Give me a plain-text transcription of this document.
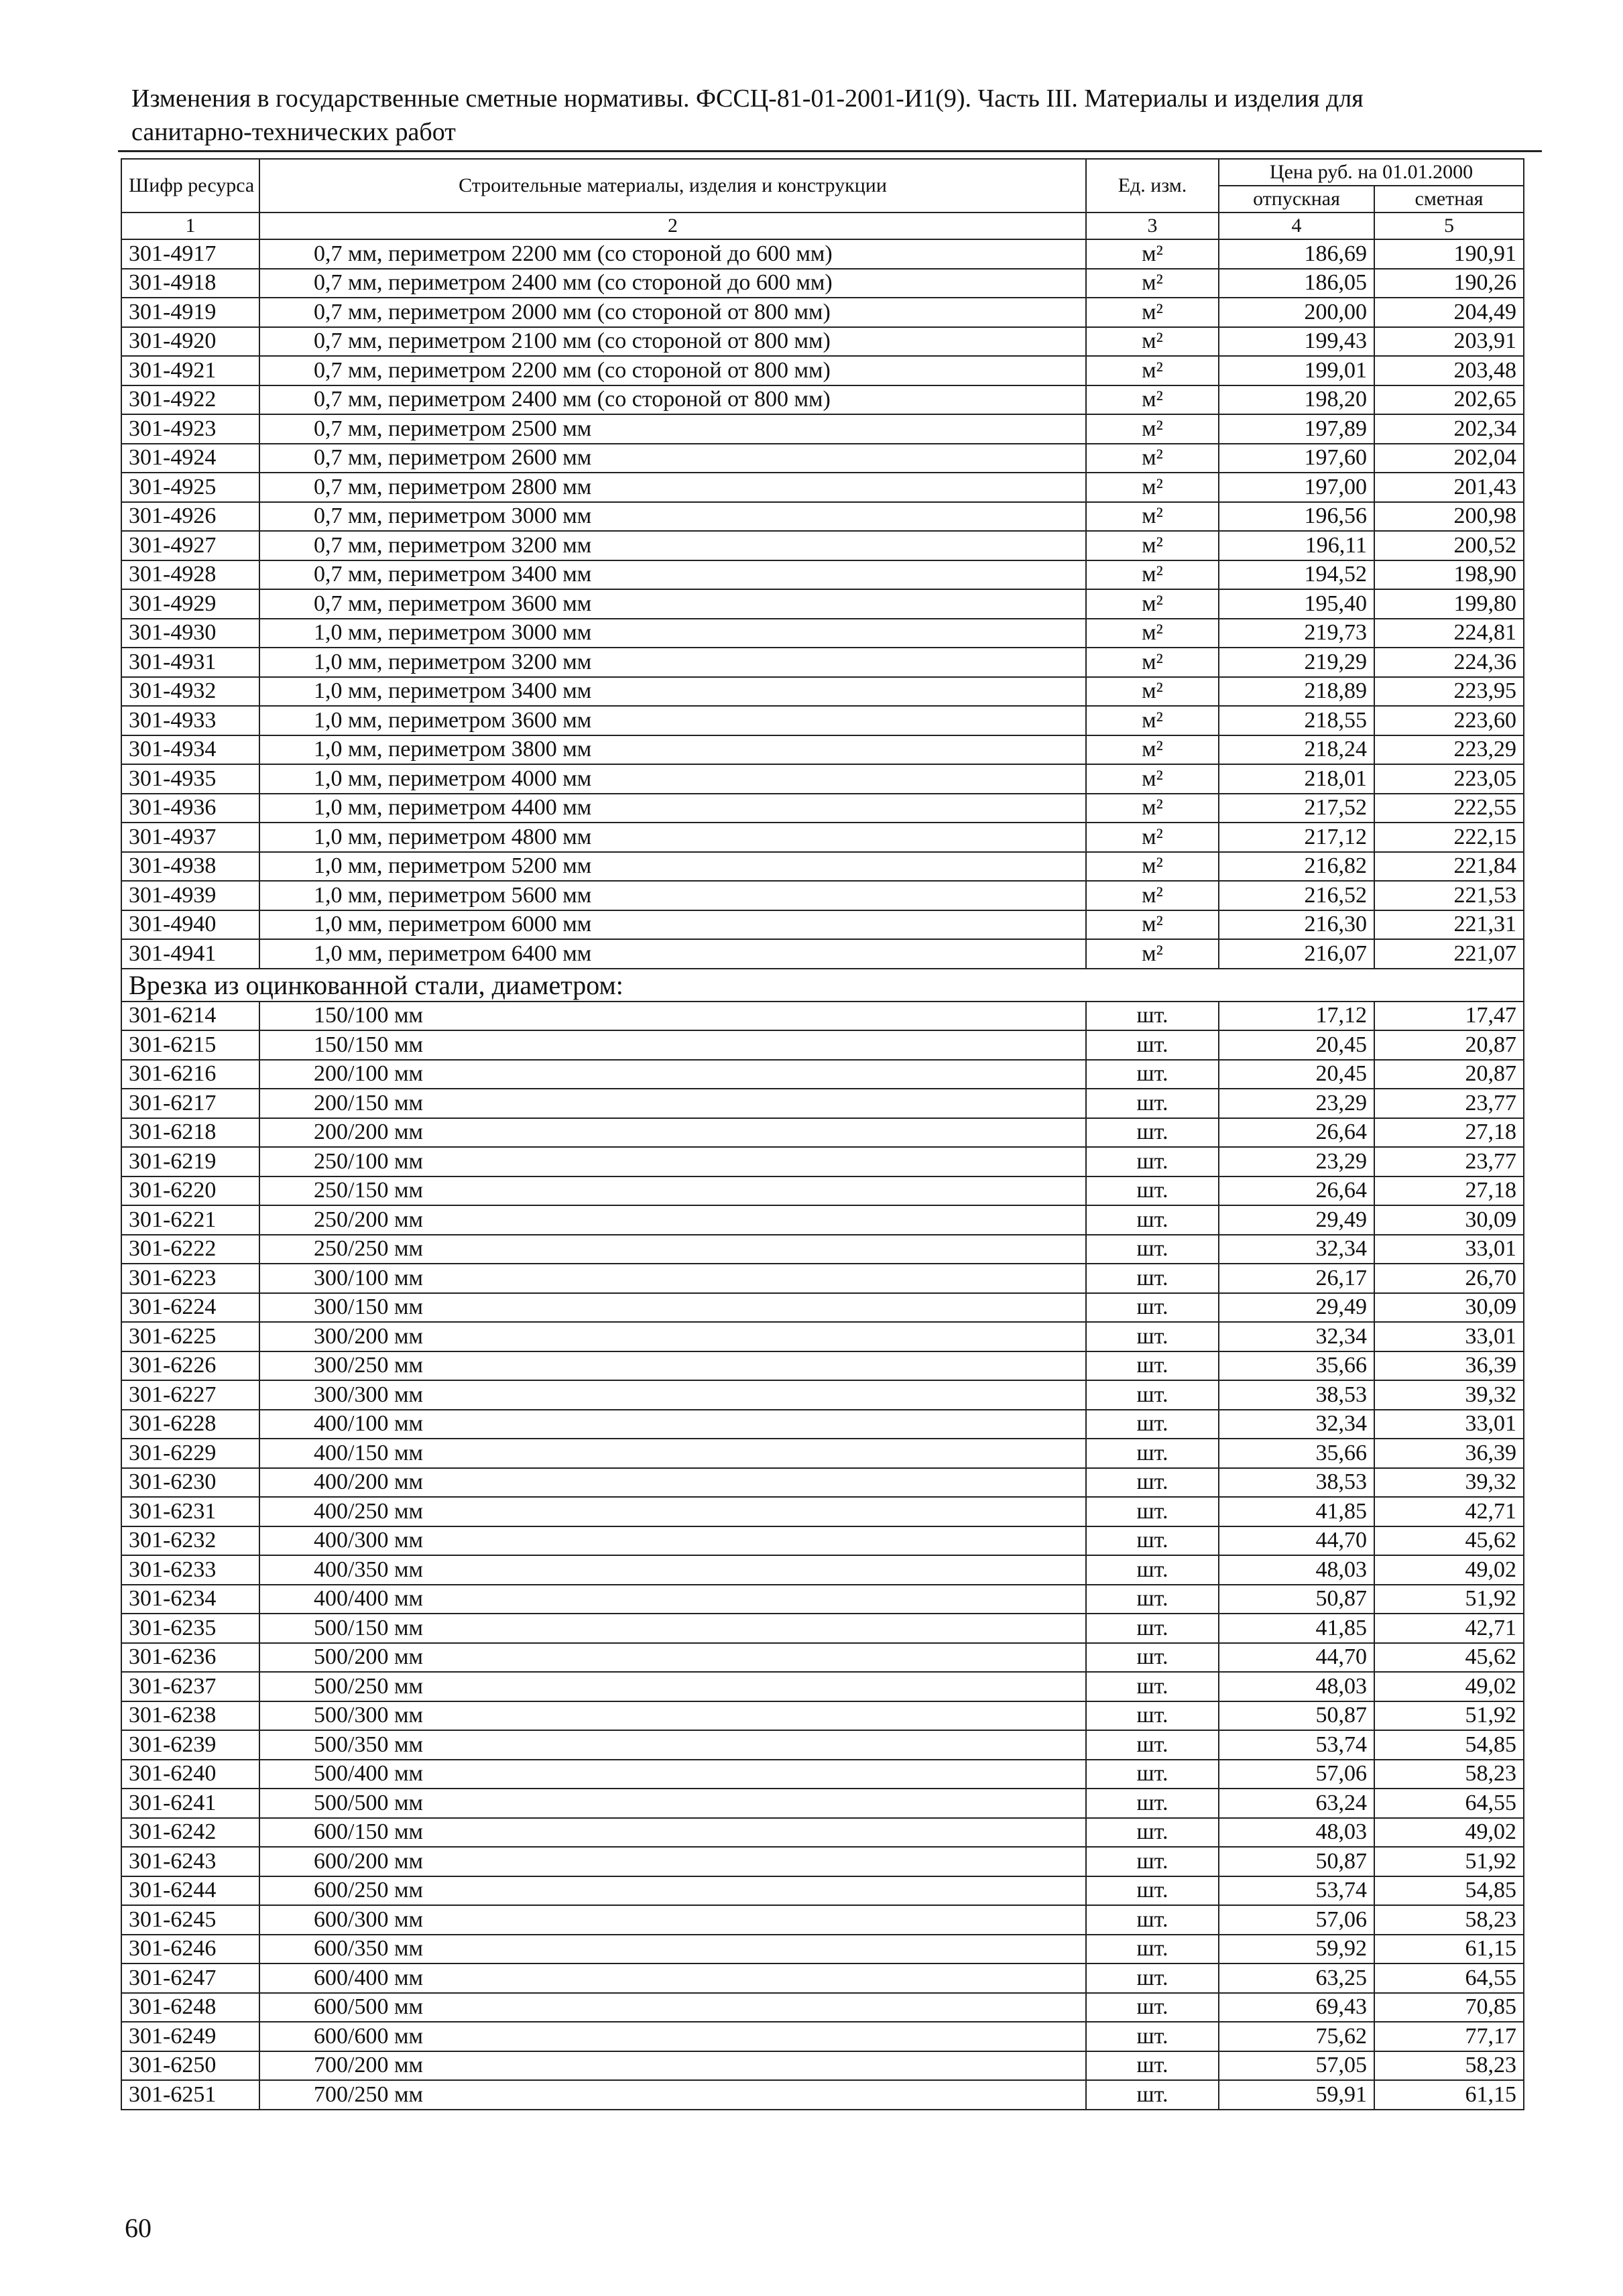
Изменения в государственные сметные нормативы. ФССЦ-81-01-2001-И1(9). Часть III. Материалы и изделия для
санитарно-технических работ
Шифр ресурса	Строительные материалы, изделия и конструкции	Ед. изм.	Цена руб. на 01.01.2000	
			отпускная	сметная
1	2	3	4	5
301-4917	0,7 мм, периметром 2200 мм (со стороной до 600 мм)	м²	186,69	190,91
301-4918	0,7 мм, периметром 2400 мм (со стороной до 600 мм)	м²	186,05	190,26
301-4919	0,7 мм, периметром 2000 мм (со стороной от 800 мм)	м²	200,00	204,49
301-4920	0,7 мм, периметром 2100 мм (со стороной от 800 мм)	м²	199,43	203,91
301-4921	0,7 мм, периметром 2200 мм (со стороной от 800 мм)	м²	199,01	203,48
301-4922	0,7 мм, периметром 2400 мм (со стороной от 800 мм)	м²	198,20	202,65
301-4923	0,7 мм, периметром 2500 мм	м²	197,89	202,34
301-4924	0,7 мм, периметром 2600 мм	м²	197,60	202,04
301-4925	0,7 мм, периметром 2800 мм	м²	197,00	201,43
301-4926	0,7 мм, периметром 3000 мм	м²	196,56	200,98
301-4927	0,7 мм, периметром 3200 мм	м²	196,11	200,52
301-4928	0,7 мм, периметром 3400 мм	м²	194,52	198,90
301-4929	0,7 мм, периметром 3600 мм	м²	195,40	199,80
301-4930	1,0 мм, периметром 3000 мм	м²	219,73	224,81
301-4931	1,0 мм, периметром 3200 мм	м²	219,29	224,36
301-4932	1,0 мм, периметром 3400 мм	м²	218,89	223,95
301-4933	1,0 мм, периметром 3600 мм	м²	218,55	223,60
301-4934	1,0 мм, периметром 3800 мм	м²	218,24	223,29
301-4935	1,0 мм, периметром 4000 мм	м²	218,01	223,05
301-4936	1,0 мм, периметром 4400 мм	м²	217,52	222,55
301-4937	1,0 мм, периметром 4800 мм	м²	217,12	222,15
301-4938	1,0 мм, периметром 5200 мм	м²	216,82	221,84
301-4939	1,0 мм, периметром 5600 мм	м²	216,52	221,53
301-4940	1,0 мм, периметром 6000 мм	м²	216,30	221,31
301-4941	1,0 мм, периметром 6400 мм	м²	216,07	221,07
Врезка из оцинкованной стали, диаметром:				
301-6214	150/100 мм	шт.	17,12	17,47
301-6215	150/150 мм	шт.	20,45	20,87
301-6216	200/100 мм	шт.	20,45	20,87
301-6217	200/150 мм	шт.	23,29	23,77
301-6218	200/200 мм	шт.	26,64	27,18
301-6219	250/100 мм	шт.	23,29	23,77
301-6220	250/150 мм	шт.	26,64	27,18
301-6221	250/200 мм	шт.	29,49	30,09
301-6222	250/250 мм	шт.	32,34	33,01
301-6223	300/100 мм	шт.	26,17	26,70
301-6224	300/150 мм	шт.	29,49	30,09
301-6225	300/200 мм	шт.	32,34	33,01
301-6226	300/250 мм	шт.	35,66	36,39
301-6227	300/300 мм	шт.	38,53	39,32
301-6228	400/100 мм	шт.	32,34	33,01
301-6229	400/150 мм	шт.	35,66	36,39
301-6230	400/200 мм	шт.	38,53	39,32
301-6231	400/250 мм	шт.	41,85	42,71
301-6232	400/300 мм	шт.	44,70	45,62
301-6233	400/350 мм	шт.	48,03	49,02
301-6234	400/400 мм	шт.	50,87	51,92
301-6235	500/150 мм	шт.	41,85	42,71
301-6236	500/200 мм	шт.	44,70	45,62
301-6237	500/250 мм	шт.	48,03	49,02
301-6238	500/300 мм	шт.	50,87	51,92
301-6239	500/350 мм	шт.	53,74	54,85
301-6240	500/400 мм	шт.	57,06	58,23
301-6241	500/500 мм	шт.	63,24	64,55
301-6242	600/150 мм	шт.	48,03	49,02
301-6243	600/200 мм	шт.	50,87	51,92
301-6244	600/250 мм	шт.	53,74	54,85
301-6245	600/300 мм	шт.	57,06	58,23
301-6246	600/350 мм	шт.	59,92	61,15
301-6247	600/400 мм	шт.	63,25	64,55
301-6248	600/500 мм	шт.	69,43	70,85
301-6249	600/600 мм	шт.	75,62	77,17
301-6250	700/200 мм	шт.	57,05	58,23
301-6251	700/250 мм	шт.	59,91	61,15
60
